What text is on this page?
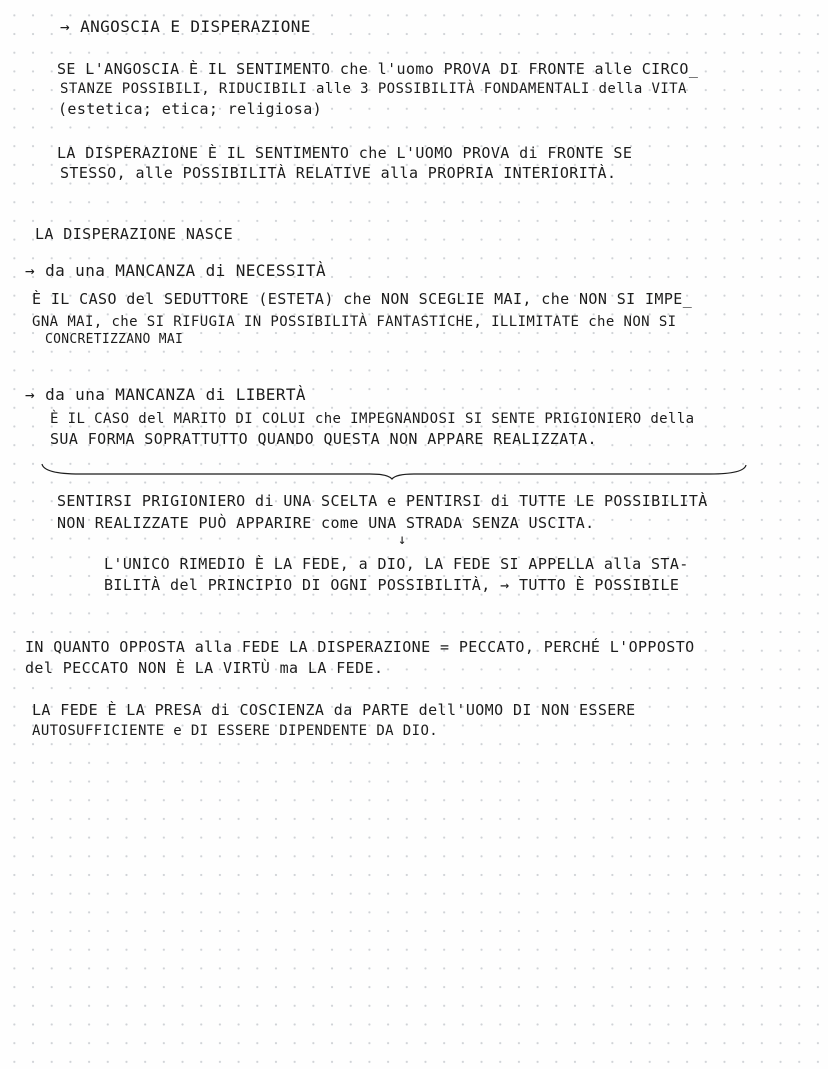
→ ANGOSCIA E DISPERAZIONE
SE L'ANGOSCIA È IL SENTIMENTO che l'uomo PROVA DI FRONTE alle CIRCO_
STANZE POSSIBILI, RIDUCIBILI alle 3 POSSIBILITÀ FONDAMENTALI della VITA
(estetica; etica; religiosa)
LA DISPERAZIONE È IL SENTIMENTO che L'UOMO PROVA di FRONTE SE
STESSO, alle POSSIBILITÀ RELATIVE alla PROPRIA INTERIORITÀ.
LA DISPERAZIONE NASCE
→ da una MANCANZA di NECESSITÀ
È IL CASO del SEDUTTORE (ESTETA) che NON SCEGLIE MAI, che NON SI IMPE_
GNA MAI, che SI RIFUGIA IN POSSIBILITÀ FANTASTICHE, ILLIMITATE che NON SI
CONCRETIZZANO MAI
→ da una MANCANZA di LIBERTÀ
È IL CASO del MARITO DI COLUI che IMPEGNANDOSI SI SENTE PRIGIONIERO della
SUA FORMA SOPRATTUTTO QUANDO QUESTA NON APPARE REALIZZATA.
SENTIRSI PRIGIONIERO di UNA SCELTA e PENTIRSI di TUTTE LE POSSIBILITÀ
NON REALIZZATE PUÒ APPARIRE come UNA STRADA SENZA USCITA.
↓
L'UNICO RIMEDIO È LA FEDE, a DIO, LA FEDE SI APPELLA alla STA-
BILITÀ del PRINCIPIO DI OGNI POSSIBILITÀ, → TUTTO È POSSIBILE
IN QUANTO OPPOSTA alla FEDE LA DISPERAZIONE = PECCATO, PERCHÉ L'OPPOSTO
del PECCATO NON È LA VIRTÙ ma LA FEDE.
LA FEDE È LA PRESA di COSCIENZA da PARTE dell'UOMO DI NON ESSERE
AUTOSUFFICIENTE e DI ESSERE DIPENDENTE DA DIO.
